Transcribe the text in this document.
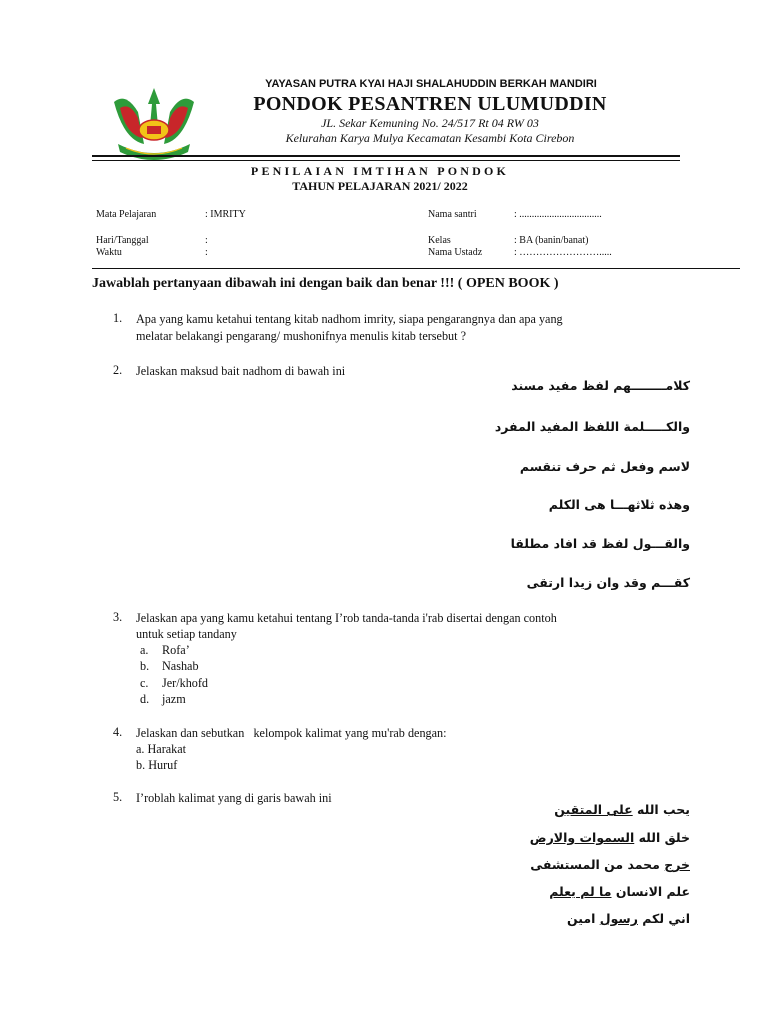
YAYASAN PUTRA KYAI HAJI SHALAHUDDIN BERKAH MANDIRI
PONDOK PESANTREN ULUMUDDIN
JL. Sekar Kemuning No. 24/517 Rt 04 RW 03
Kelurahan Karya Mulya Kecamatan Kesambi Kota Cirebon
PENILAIAN IMTIHAN PONDOK
TAHUN PELAJARAN 2021/ 2022
Mata Pelajaran	: IMRITY	Nama santri	: .................................
Hari/Tanggal	:	Kelas	: BA (banin/banat)
Waktu	:	Nama Ustadz	: …………………….....
Jawablah pertanyaan dibawah ini dengan baik dan benar !!! ( OPEN BOOK )
1. Apa yang kamu ketahui tentang kitab nadhom imrity, siapa pengarangnya dan apa yang
melatar belakangi pengarang/ mushonifnya menulis kitab tersebut ?
2. Jelaskan maksud bait nadhom di bawah ini
كلامــــــــهم لفظ مفيد مسند
والكـــــلمة اللفظ المفيد المفرد
لاسم وفعل ثم حرف تنقسم
وهذه ثلاثهـــا هى الكلم
والقـــول لفظ قد افاد مطلقا
كقـــم وقد وان زيدا ارتقى
3. Jelaskan apa yang kamu ketahui tentang I’rob tanda-tanda i'rab disertai dengan contoh
untuk setiap tandany
a. Rofa’
b. Nashab
c. Jer/khofd
d. jazm
4. Jelaskan dan sebutkan   kelompok kalimat yang mu'rab dengan:
a. Harakat
b. Huruf
5. I’roblah kalimat yang di garis bawah ini
يحب الله على المتقين
خلق الله السموات والارض
خرج محمد من المستشفى
علم الانسان ما لم يعلم
اني لكم رسول امين
